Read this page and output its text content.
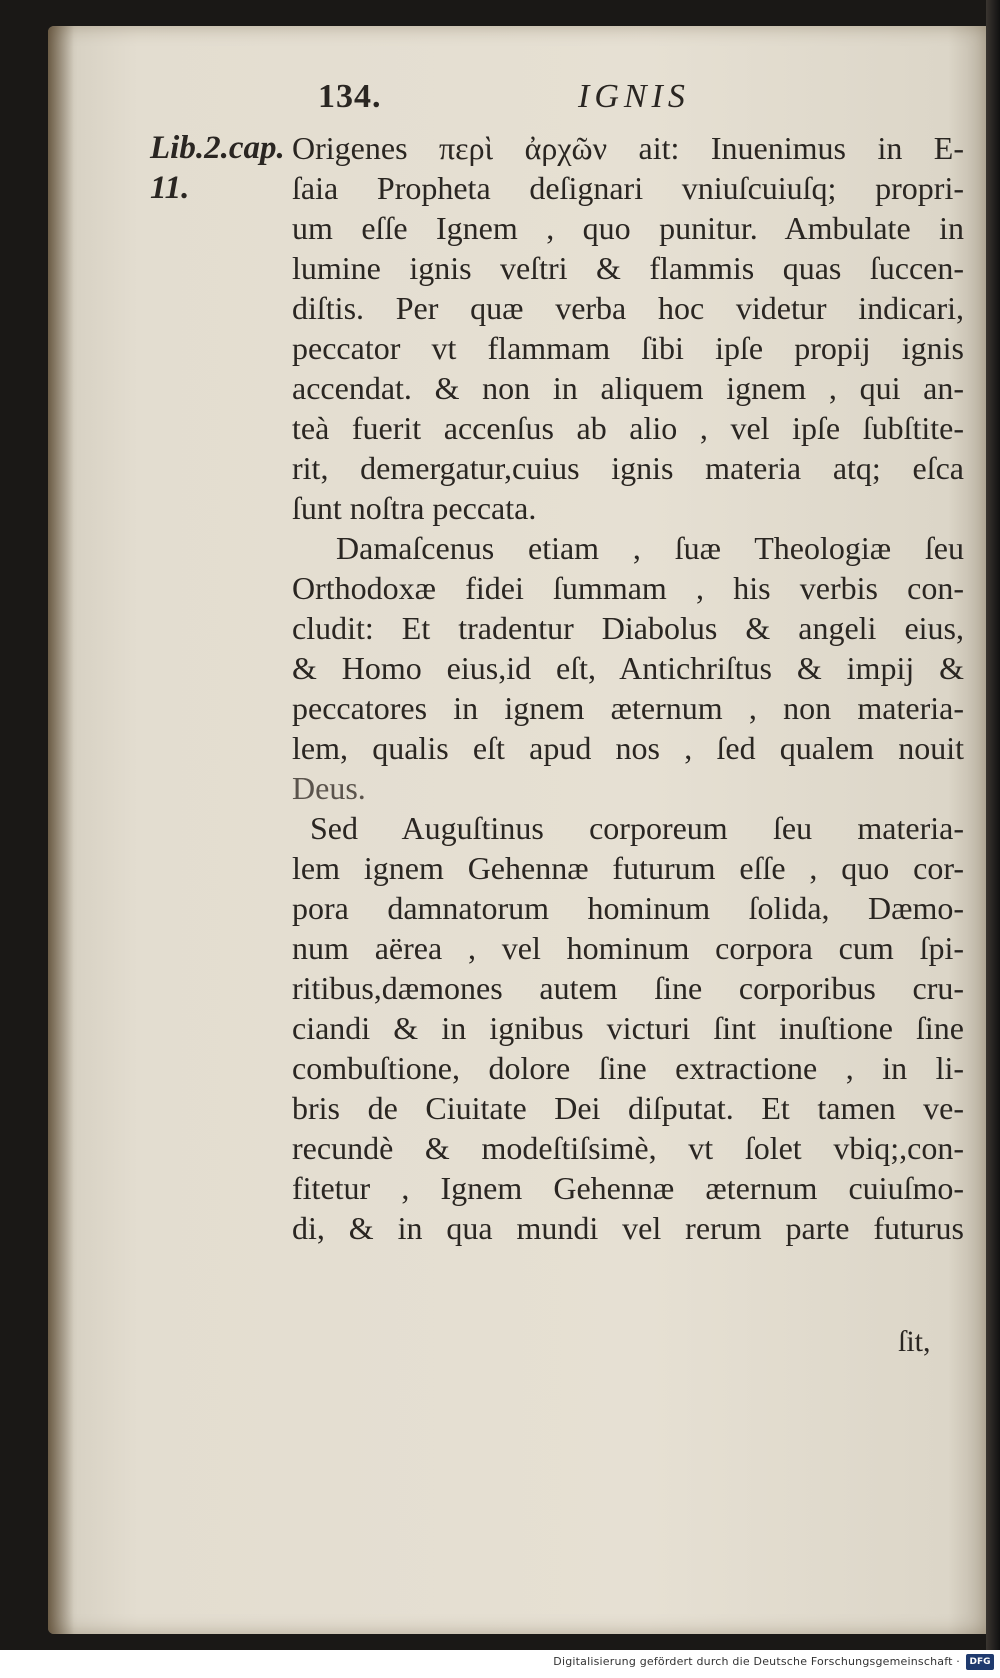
134.	IGNIS
Lib.2.cap.
11.
Origenes περὶ ἀρχῶν ait: Inuenimus in E-
ſaia Propheta deſignari vniuſcuiuſq; propri-
um eſſe Ignem , quo punitur. Ambulate in
lumine ignis veſtri & flammis quas ſuccen-
diſtis. Per quæ verba hoc videtur indicari,
peccator vt flammam ſibi ipſe propij ignis
accendat. & non in aliquem ignem , qui an-
teà fuerit accenſus ab alio , vel ipſe ſubſtite-
rit, demergatur,cuius ignis materia atq; eſca
ſunt noſtra peccata.
Damaſcenus etiam , ſuæ Theologiæ ſeu
Orthodoxæ fidei ſummam , his verbis con-
cludit: Et tradentur Diabolus & angeli eius,
& Homo eius,id eſt, Antichriſtus & impij &
peccatores in ignem æternum , non materia-
lem, qualis eſt apud nos , ſed qualem nouit
Deus.
Sed Auguſtinus corporeum ſeu materia-
lem ignem Gehennæ futurum eſſe , quo cor-
pora damnatorum hominum ſolida, Dæmo-
num aërea , vel hominum corpora cum ſpi-
ritibus,dæmones autem ſine corporibus cru-
ciandi & in ignibus victuri ſint inuſtione ſine
combuſtione, dolore ſine extractione , in li-
bris de Ciuitate Dei diſputat. Et tamen ve-
recundè & modeſtiſsimè, vt ſolet vbiq;,con-
fitetur , Ignem Gehennæ æternum cuiuſmo-
di, & in qua mundi vel rerum parte futurus
ſit,
Digitalisierung gefördert durch die Deutsche Forschungsgemeinschaft ·	DFG
